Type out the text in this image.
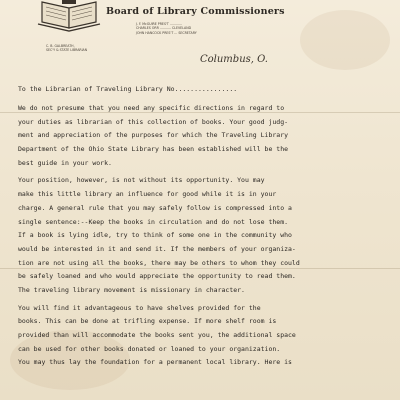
Board of Library Commissioners
J. F. McGUIRE PRES'T ............
CHARLES ORR ........... CLEVELAND
JOHN HANCOCK PRES'T ... SECRETARY
C. B. GALBREATH,
SEC'Y & STATE LIBRARIAN
Columbus, O.
To the Librarian of Traveling Library No................
We do not presume that you need any specific directions in regard to
your duties as librarian of this collection of books. Your good judg-
ment and appreciation of the purposes for which the Traveling Library
Department of the Ohio State Library has been established will be the
best guide in your work.
Your position, however, is not without its opportunity. You may
make this little library an influence for good while it is in your
charge. A general rule that you may safely follow is compressed into a
single sentence:--Keep the books in circulation and do not lose them.
If a book is lying idle, try to think of some one in the community who
would be interested in it and send it. If the members of your organiza-
tion are not using all the books, there may be others to whom they could
be safely loaned and who would appreciate the opportunity to read them.
The traveling library movement is missionary in character.
You will find it advantageous to have shelves provided for the
books. This can be done at trifling expense. If more shelf room is
provided than will accommodate the books sent you, the additional space
can be used for other books donated or loaned to your organization.
You may thus lay the foundation for a permanent local library. Here is
